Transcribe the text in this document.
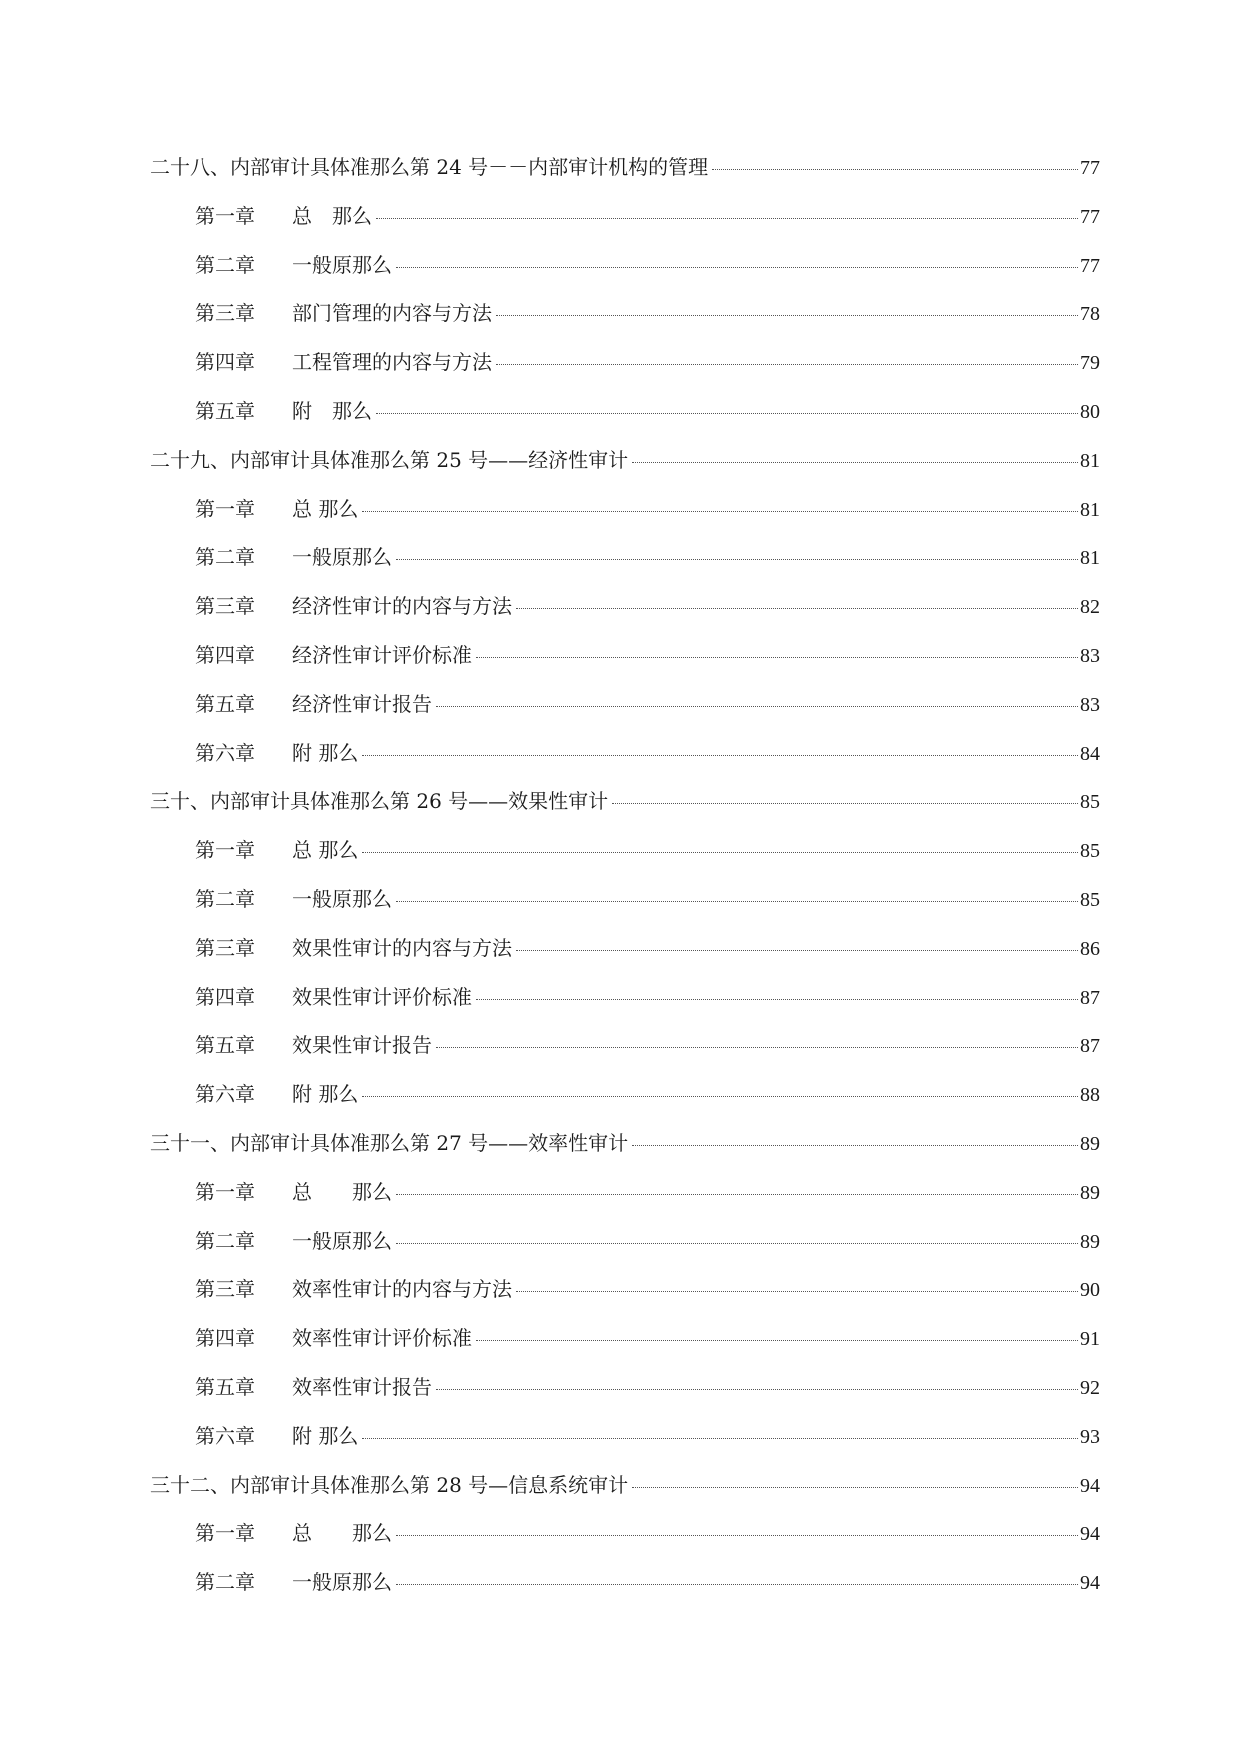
二十八、内部审计具体准那么第 24 号－－内部审计机构的管理	77
第一章	总　那么	77
第二章	一般原那么	77
第三章	部门管理的内容与方法	78
第四章	工程管理的内容与方法	79
第五章	附　那么	80
二十九、内部审计具体准那么第 25 号——经济性审计	81
第一章	总 那么	81
第二章	一般原那么	81
第三章	经济性审计的内容与方法	82
第四章	经济性审计评价标准	83
第五章	经济性审计报告	83
第六章	附 那么	84
三十、内部审计具体准那么第 26 号——效果性审计	85
第一章	总 那么	85
第二章	一般原那么	85
第三章	效果性审计的内容与方法	86
第四章	效果性审计评价标准	87
第五章	效果性审计报告	87
第六章	附 那么	88
三十一、内部审计具体准那么第 27 号——效率性审计	89
第一章	总　　那么	89
第二章	一般原那么	89
第三章	效率性审计的内容与方法	90
第四章	效率性审计评价标准	91
第五章	效率性审计报告	92
第六章	附 那么	93
三十二、内部审计具体准那么第 28 号—信息系统审计	94
第一章	总　　那么	94
第二章	一般原那么	94
